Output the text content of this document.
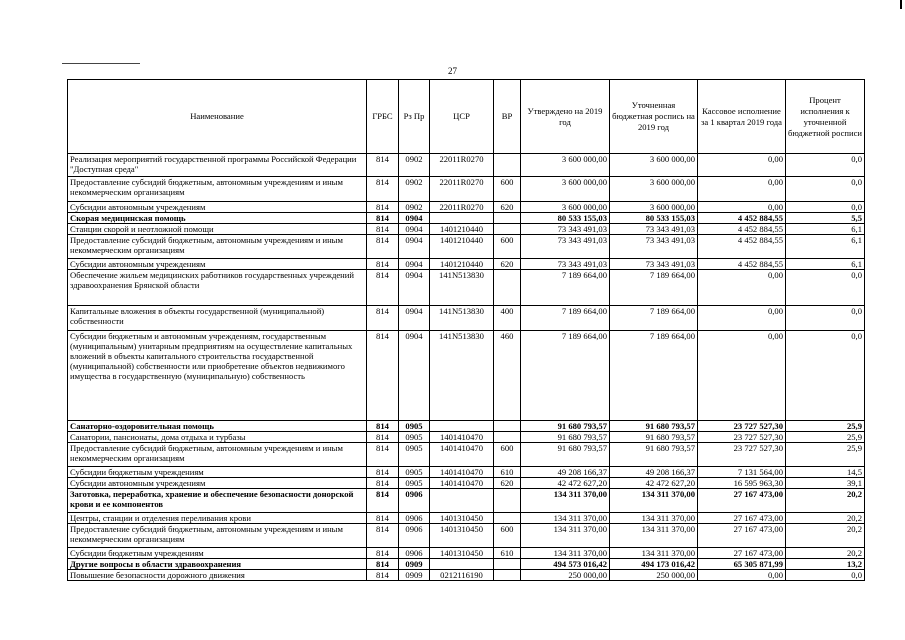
27
Наименование	ГРБС	Рз Пр	ЦСР	ВР	Утверждено на 2019 год	Уточненная бюджетная роспись на 2019 год	Кассовое исполнение за 1 квартал 2019 года	Процент исполнения к уточненной бюджетной росписи
Реализация мероприятий государственной программы Российской Федерации "Доступная среда"	814	0902	22011R0270		3 600 000,00	3 600 000,00	0,00	0,0
Предоставление субсидий бюджетным, автономным учреждениям и иным некоммерческим организациям	814	0902	22011R0270	600	3 600 000,00	3 600 000,00	0,00	0,0
Субсидии автономным учреждениям	814	0902	22011R0270	620	3 600 000,00	3 600 000,00	0,00	0,0
Скорая медицинская помощь	814	0904			80 533 155,03	80 533 155,03	4 452 884,55	5,5
Станции скорой и неотложной помощи	814	0904	1401210440		73 343 491,03	73 343 491,03	4 452 884,55	6,1
Предоставление субсидий бюджетным, автономным учреждениям и иным некоммерческим организациям	814	0904	1401210440	600	73 343 491,03	73 343 491,03	4 452 884,55	6,1
Субсидии автономным учреждениям	814	0904	1401210440	620	73 343 491,03	73 343 491,03	4 452 884,55	6,1
Обеспечение жильем медицинских работников государственных учреждений здравоохранения Брянской области	814	0904	141N513830		7 189 664,00	7 189 664,00	0,00	0,0
Капитальные вложения в объекты государственной (муниципальной) собственности	814	0904	141N513830	400	7 189 664,00	7 189 664,00	0,00	0,0
Субсидии бюджетным и автономным учреждениям, государственным (муниципальным) унитарным предприятиям на осуществление капитальных вложений в объекты капитального строительства государственной (муниципальной) собственности или приобретение объектов недвижимого имущества в государственную (муниципальную) собственность	814	0904	141N513830	460	7 189 664,00	7 189 664,00	0,00	0,0
Санаторно-оздоровительная помощь	814	0905			91 680 793,57	91 680 793,57	23 727 527,30	25,9
Санатории, пансионаты, дома отдыха и турбазы	814	0905	1401410470		91 680 793,57	91 680 793,57	23 727 527,30	25,9
Предоставление субсидий бюджетным, автономным учреждениям и иным некоммерческим организациям	814	0905	1401410470	600	91 680 793,57	91 680 793,57	23 727 527,30	25,9
Субсидии бюджетным учреждениям	814	0905	1401410470	610	49 208 166,37	49 208 166,37	7 131 564,00	14,5
Субсидии автономным учреждениям	814	0905	1401410470	620	42 472 627,20	42 472 627,20	16 595 963,30	39,1
Заготовка, переработка, хранение и обеспечение безопасности донорской крови и ее компонентов	814	0906			134 311 370,00	134 311 370,00	27 167 473,00	20,2
Центры, станции и отделения переливания крови	814	0906	1401310450		134 311 370,00	134 311 370,00	27 167 473,00	20,2
Предоставление субсидий бюджетным, автономным учреждениям и иным некоммерческим организациям	814	0906	1401310450	600	134 311 370,00	134 311 370,00	27 167 473,00	20,2
Субсидии бюджетным учреждениям	814	0906	1401310450	610	134 311 370,00	134 311 370,00	27 167 473,00	20,2
Другие вопросы в области здравоохранения	814	0909			494 573 016,42	494 173 016,42	65 305 871,99	13,2
Повышение безопасности дорожного движения	814	0909	0212116190		250 000,00	250 000,00	0,00	0,0
